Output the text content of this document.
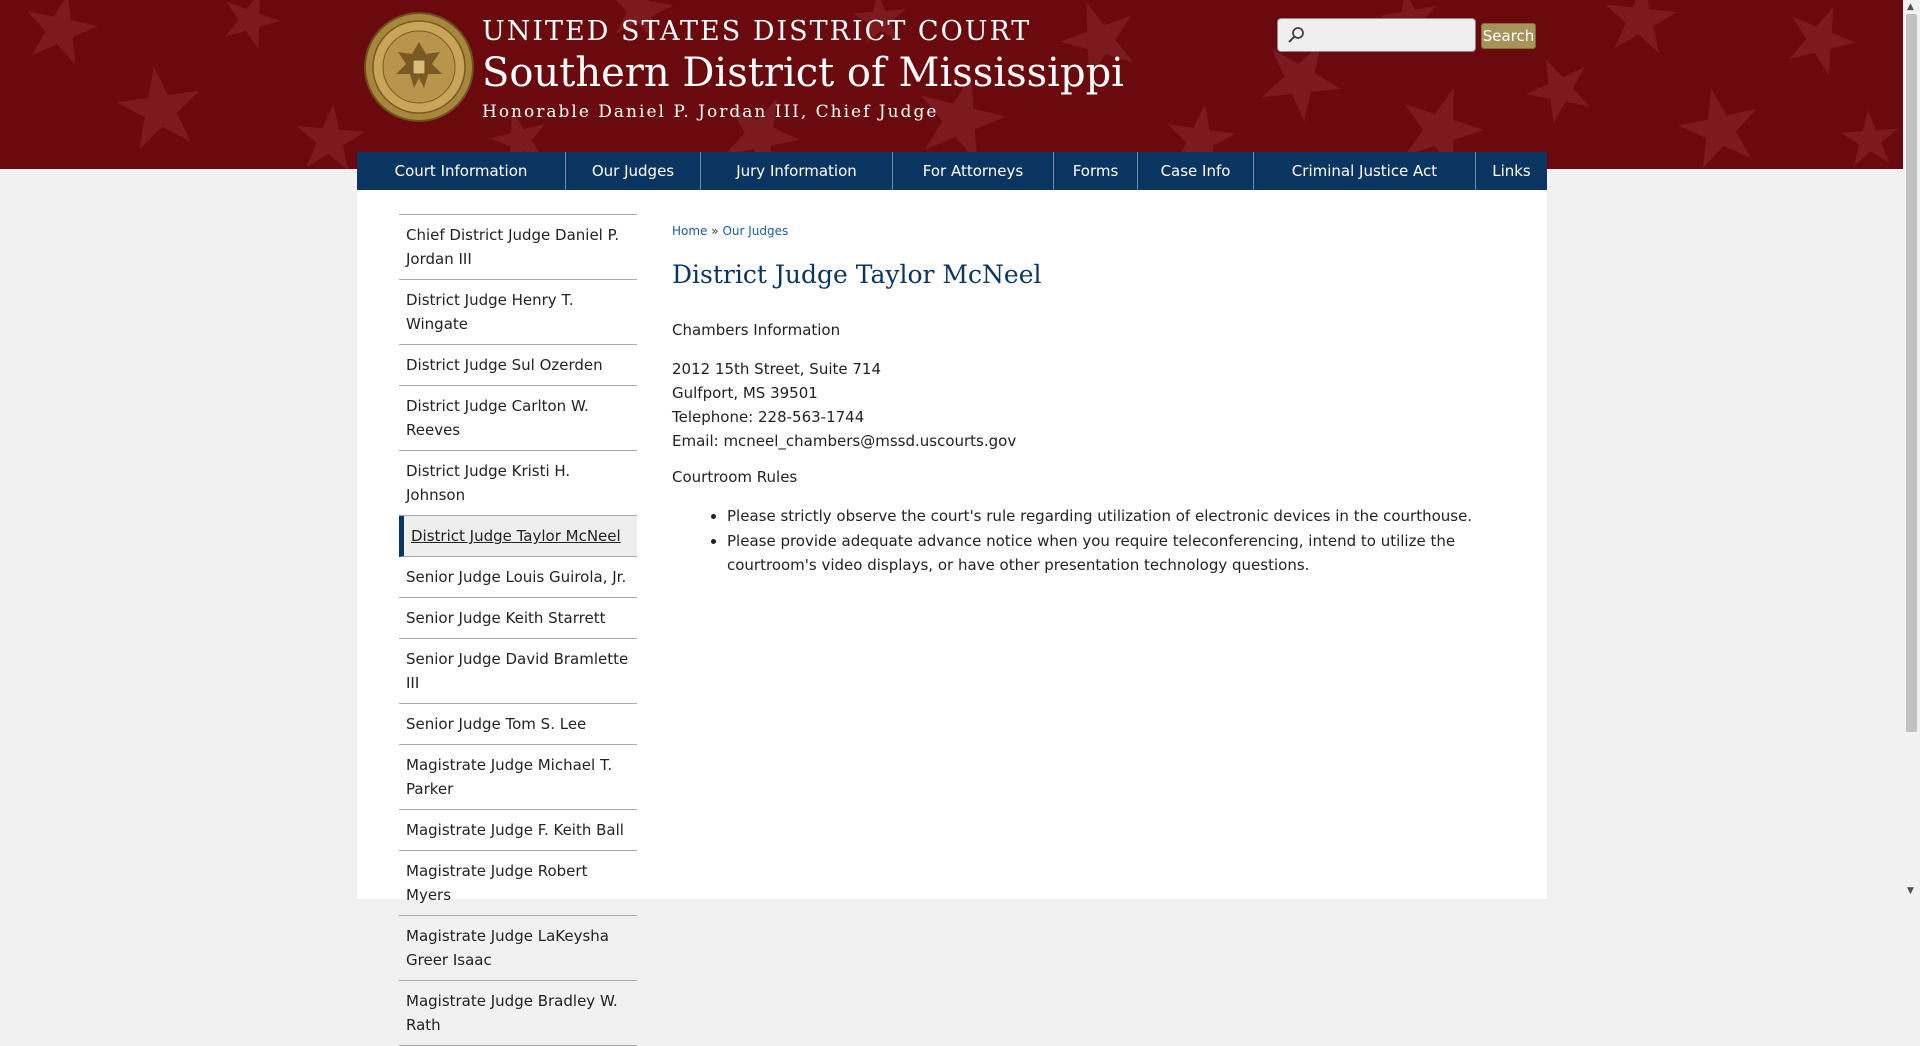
UNITED STATES DISTRICT COURT
Southern District of Mississippi
Honorable Daniel P. Jordan III, Chief Judge
Search
Court Information	Our Judges	Jury Information	For Attorneys	Forms	Case Info	Criminal Justice Act	Links
Chief District Judge Daniel P. Jordan III
District Judge Henry T. Wingate
District Judge Sul Ozerden
District Judge Carlton W. Reeves
District Judge Kristi H. Johnson
District Judge Taylor McNeel
Senior Judge Louis Guirola, Jr.
Senior Judge Keith Starrett
Senior Judge David Bramlette III
Senior Judge Tom S. Lee
Magistrate Judge Michael T. Parker
Magistrate Judge F. Keith Ball
Magistrate Judge Robert Myers
Magistrate Judge LaKeysha Greer Isaac
Magistrate Judge Bradley W. Rath
Home » Our Judges
District Judge Taylor McNeel
Chambers Information
2012 15th Street, Suite 714
Gulfport, MS 39501
Telephone: 228-563-1744
Email: mcneel_chambers@mssd.uscourts.gov
Courtroom Rules
• Please strictly observe the court's rule regarding utilization of electronic devices in the courthouse.
• Please provide adequate advance notice when you require teleconferencing, intend to utilize the courtroom's video displays, or have other presentation technology questions.
▲
▼
